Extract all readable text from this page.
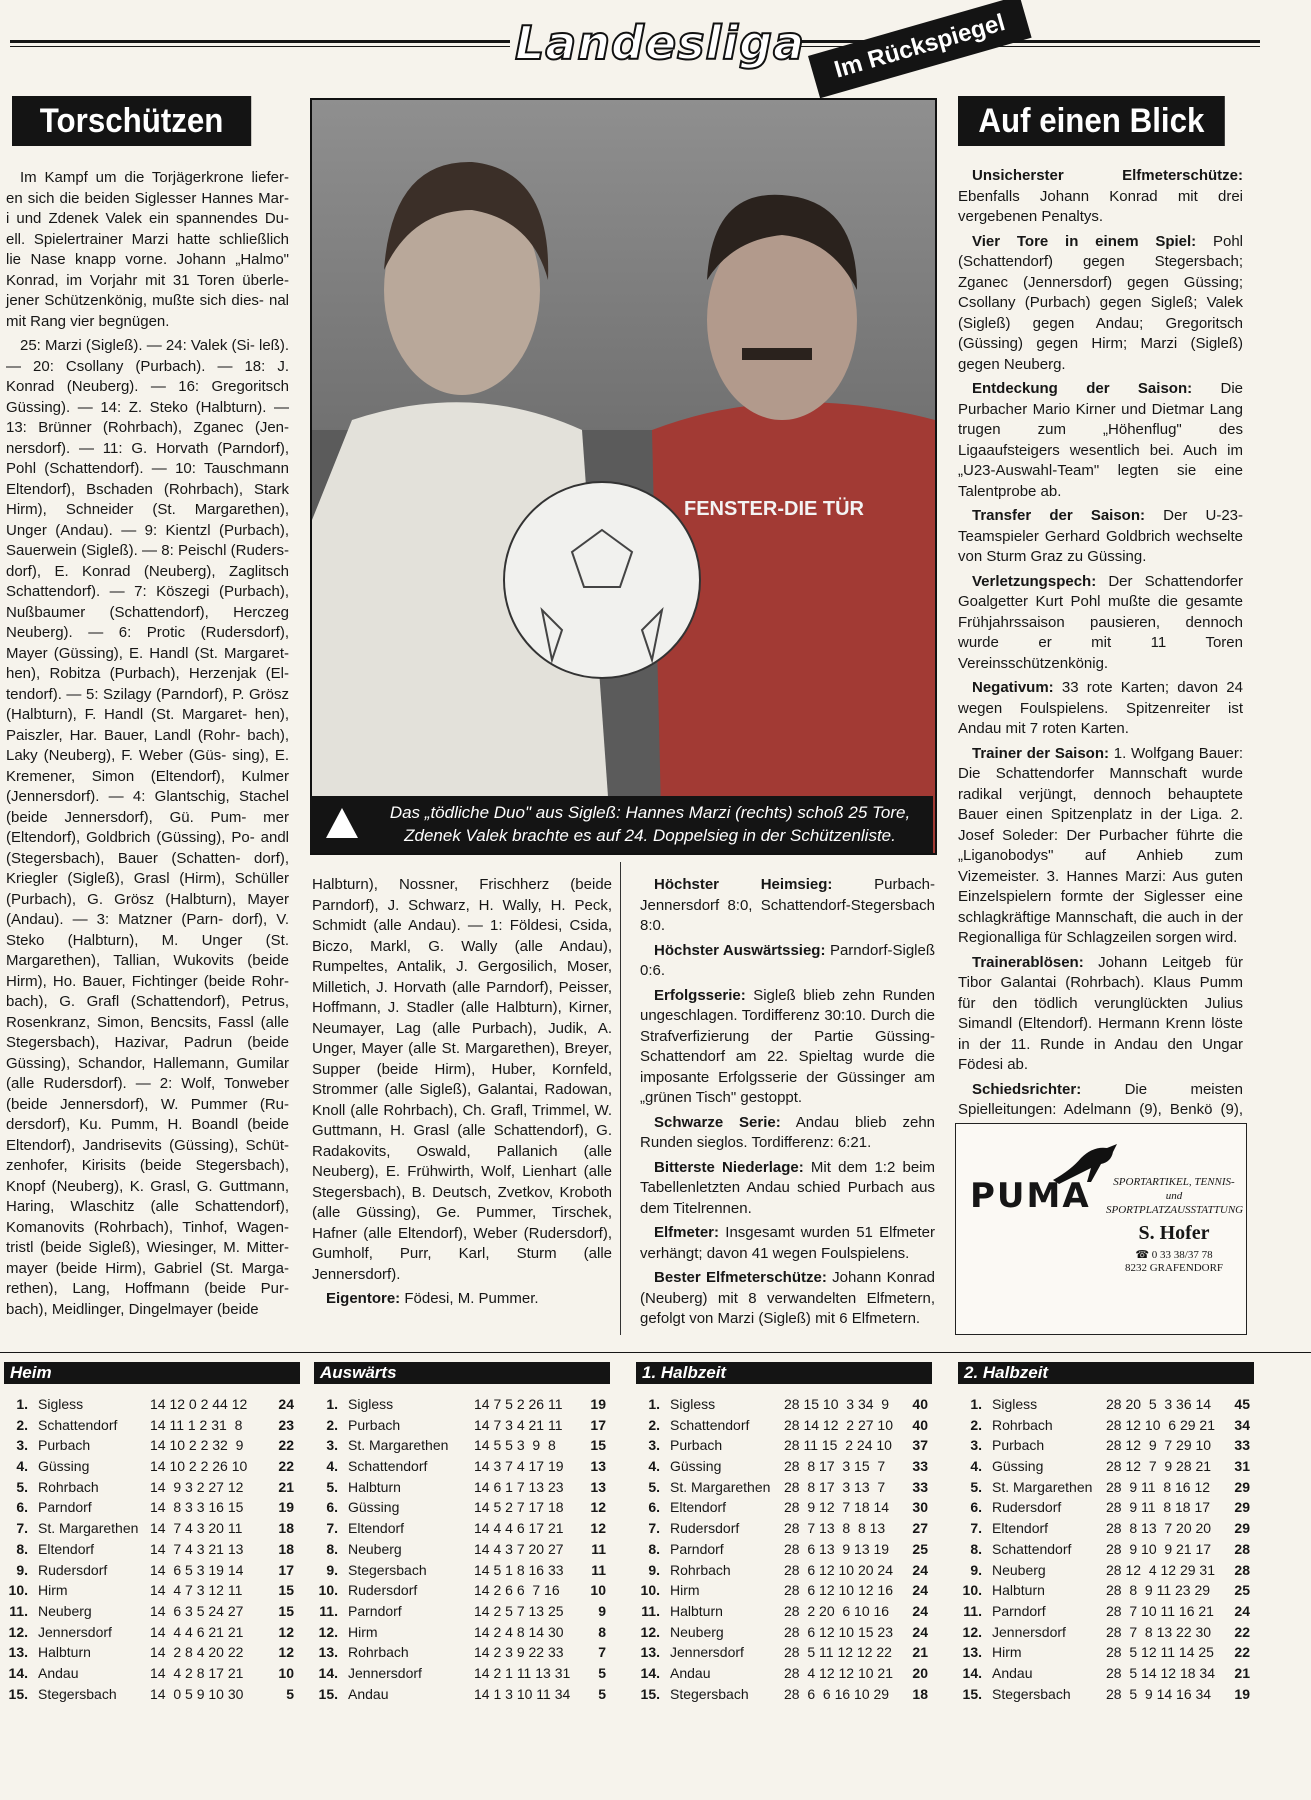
Landesliga	Im Rückspiegel
Torschützen

Im Kampf um die Torjägerkrone liefer- en sich die beiden Siglesser Hannes Mar- i und Zdenek Valek ein spannendes Du- ell. Spielertrainer Marzi hatte schließlich lie Nase knapp vorne. Johann „Halmo" Konrad, im Vorjahr mit 31 Toren überle- jener Schützenkönig, mußte sich dies- nal mit Rang vier begnügen.

25: Marzi (Sigleß). — 24: Valek (Si- leß). — 20: Csollany (Purbach). — 18: J. Konrad (Neuberg). — 16: Gregoritsch Güssing). — 14: Z. Steko (Halbturn). — 13: Brünner (Rohrbach), Zganec (Jen- nersdorf). — 11: G. Horvath (Parndorf), Pohl (Schattendorf). — 10: Tauschmann Eltendorf), Bschaden (Rohrbach), Stark Hirm), Schneider (St. Margarethen), Unger (Andau). — 9: Kientzl (Purbach), Sauerwein (Sigleß). — 8: Peischl (Ruders- dorf), E. Konrad (Neuberg), Zaglitsch Schattendorf). — 7: Köszegi (Purbach), Nußbaumer (Schattendorf), Herczeg Neuberg). — 6: Protic (Rudersdorf), Mayer (Güssing), E. Handl (St. Margaret- hen), Robitza (Purbach), Herzenjak (El- tendorf). — 5: Szilagy (Parndorf), P. Grösz (Halbturn), F. Handl (St. Margaret- hen), Paiszler, Har. Bauer, Landl (Rohr- bach), Laky (Neuberg), F. Weber (Güs- sing), E. Kremener, Simon (Eltendorf), Kulmer (Jennersdorf). — 4: Glantschig, Stachel (beide Jennersdorf), Gü. Pum- mer (Eltendorf), Goldbrich (Güssing), Po- andl (Stegersbach), Bauer (Schatten- dorf), Kriegler (Sigleß), Grasl (Hirm), Schüller (Purbach), G. Grösz (Halbturn), Mayer (Andau). — 3: Matzner (Parn- dorf), V. Steko (Halbturn), M. Unger (St. Margarethen), Tallian, Wukovits (beide Hirm), Ho. Bauer, Fichtinger (beide Rohr- bach), G. Grafl (Schattendorf), Petrus, Rosenkranz, Simon, Bencsits, Fassl (alle Stegersbach), Hazivar, Padrun (beide Güssing), Schandor, Hallemann, Gumilar (alle Rudersdorf). — 2: Wolf, Tonweber (beide Jennersdorf), W. Pummer (Ru- dersdorf), Ku. Pumm, H. Boandl (beide Eltendorf), Jandrisevits (Güssing), Schüt- zenhofer, Kirisits (beide Stegersbach), Knopf (Neuberg), K. Grasl, G. Guttmann, Haring, Wlaschitz (alle Schattendorf), Komanovits (Rohrbach), Tinhof, Wagen- tristl (beide Sigleß), Wiesinger, M. Mitter- mayer (beide Hirm), Gabriel (St. Marga- rethen), Lang, Hoffmann (beide Pur- bach), Meidlinger, Dingelmayer (beide

FENSTER-DIE TÜR
Das „tödliche Duo" aus Sigleß: Hannes Marzi (rechts) schoß 25 Tore, Zdenek Valek brachte es auf 24. Doppelsieg in der Schützenliste.

Halbturn), Nossner, Frischherz (beide Parndorf), J. Schwarz, H. Wally, H. Peck, Schmidt (alle Andau). — 1: Földesi, Csida, Biczo, Markl, G. Wally (alle Andau), Rumpeltes, Antalik, J. Gergosilich, Moser, Milletich, J. Horvath (alle Parndorf), Peisser, Hoffmann, J. Stadler (alle Halbturn), Kirner, Neumayer, Lag (alle Purbach), Judik, A. Unger, Mayer (alle St. Margarethen), Breyer, Supper (beide Hirm), Huber, Kornfeld, Strommer (alle Sigleß), Galantai, Radowan, Knoll (alle Rohrbach), Ch. Grafl, Trimmel, W. Guttmann, H. Grasl (alle Schattendorf), G. Radakovits, Oswald, Pallanich (alle Neuberg), E. Frühwirth, Wolf, Lienhart (alle Stegersbach), B. Deutsch, Zvetkov, Kroboth (alle Güssing), Ge. Pummer, Tirschek, Hafner (alle Eltendorf), Weber (Rudersdorf), Gumholf, Purr, Karl, Sturm (alle Jennersdorf).

Eigentore: Födesi, M. Pummer.

Höchster Heimsieg:	Purbach-Jennersdorf 8:0, Schattendorf-Stegersbach 8:0.

Höchster Auswärtssieg: Parndorf-Sigleß 0:6.

Erfolgsserie: Sigleß blieb zehn Runden ungeschlagen. Tordifferenz 30:10. Durch die Strafverfizierung der Partie Güssing-Schattendorf am 22. Spieltag wurde die imposante Erfolgsserie der Güssinger am „grünen Tisch" gestoppt.

Schwarze Serie: Andau blieb zehn Runden sieglos. Tordifferenz: 6:21.

Bitterste Niederlage: Mit dem 1:2 beim Tabellenletzten Andau schied Purbach aus dem Titelrennen.

Elfmeter: Insgesamt wurden 51 Elfmeter verhängt; davon 41 wegen Foulspielens.

Bester Elfmeterschütze: Johann Konrad (Neuberg) mit 8 verwandelten Elfmetern, gefolgt von Marzi (Sigleß) mit 6 Elfmetern.

Auf einen Blick

Unsicherster Elfmeterschütze: Ebenfalls Johann Konrad mit drei vergebenen Penaltys.

Vier Tore in einem Spiel: Pohl (Schattendorf) gegen Stegersbach; Zganec (Jennersdorf) gegen Güssing; Csollany (Purbach) gegen Sigleß; Valek (Sigleß) gegen Andau; Gregoritsch (Güssing) gegen Hirm; Marzi (Sigleß) gegen Neuberg.

Entdeckung der Saison: Die Purbacher Mario Kirner und Dietmar Lang trugen zum „Höhenflug" des Ligaaufsteigers wesentlich bei. Auch im „U23-Auswahl-Team" legten sie eine Talentprobe ab.

Transfer der Saison: Der U-23-Teamspieler Gerhard Goldbrich wechselte von Sturm Graz zu Güssing.

Verletzungspech: Der Schattendorfer Goalgetter Kurt Pohl mußte die gesamte Frühjahrssaison pausieren, dennoch wurde er mit 11 Toren Vereinsschützenkönig.

Negativum: 33 rote Karten; davon 24 wegen Foulspielens. Spitzenreiter ist Andau mit 7 roten Karten.

Trainer der Saison: 1. Wolfgang Bauer: Die Schattendorfer Mannschaft wurde radikal verjüngt, dennoch behauptete Bauer einen Spitzenplatz in der Liga. 2. Josef Soleder: Der Purbacher führte die „Liganobodys" auf Anhieb zum Vizemeister. 3. Hannes Marzi: Aus guten Einzelspielern formte der Siglesser eine schlagkräftige Mannschaft, die auch in der Regionalliga für Schlagzeilen sorgen wird.

Trainerablösen: Johann Leitgeb für Tibor Galantai (Rohrbach). Klaus Pumm für den tödlich verunglückten Julius Simandl (Eltendorf). Hermann Krenn löste in der 11. Runde in Andau den Ungar Födesi ab.

Schiedsrichter:	Die meisten Spielleitungen: Adelmann (9), Benkö (9),

PUMA	SPORTARTIKEL, TENNIS-
und
SPORTPLATZAUSSTATTUNG
S. Hofer
☎ 0 33 38/37 78
8232 GRAFENDORF
Heim
1. Sigless	14 12 0 2 44 12	24
2. Schattendorf 14 11 1 2 31  8	23
3. Purbach	14 10 2 2 32  9	22
4. Güssing	14 10 2 2 26 10	22
5. Rohrbach	14  9 3 2 27 12	21
6. Parndorf	14  8 3 3 16 15	19
7. St. Margarethen 14  7 4 3 20 11	18
8. Eltendorf	14  7 4 3 21 13	18
9. Rudersdorf	14  6 5 3 19 14	17
10. Hirm	14  4 7 3 12 11	15
11. Neuberg	14  6 3 5 24 27	15
12. Jennersdorf	14  4 4 6 21 21	12
13. Halbturn	14  2 8 4 20 22	12
14. Andau	14  4 2 8 17 21	10
15. Stegersbach 14  0 5 9 10 30	5
Auswärts
1. Sigless	14 7 5 2 26 11	19
2. Purbach	14 7 3 4 21 11	17
3. St. Margarethen 14 5 5 3  9  8	15
4. Schattendorf	14 3 7 4 17 19	13
5. Halbturn	14 6 1 7 13 23	13
6. Güssing	14 5 2 7 17 18	12
7. Eltendorf	14 4 4 6 17 21	12
8. Neuberg	14 4 3 7 20 27	11
9. Stegersbach	14 5 1 8 16 33	11
10. Rudersdorf	14 2 6 6  7 16	10
11. Parndorf	14 2 5 7 13 25	9
12. Hirm	14 2 4 8 14 30	8
13. Rohrbach	14 2 3 9 22 33	7
14. Jennersdorf	14 2 1 11 13 31	5
15. Andau	14 1 3 10 11 34	5
1. Halbzeit
1. Sigless	28 15 10  3 34  9	40
2. Schattendorf 28 14 12  2 27 10	40
3. Purbach	28 11 15  2 24 10	37
4. Güssing	28  8 17  3 15  7	33
5. St. Margarethen 28  8 17  3 13  7	33
6. Eltendorf	28  9 12  7 18 14	30
7. Rudersdorf	28  7 13  8  8 13	27
8. Parndorf	28  6 13  9 13 19	25
9. Rohrbach	28  6 12 10 20 24	24
10. Hirm	28  6 12 10 12 16	24
11. Halbturn	28  2 20  6 10 16	24
12. Neuberg	28  6 12 10 15 23	24
13. Jennersdorf	28  5 11 12 12 22	21
14. Andau	28  4 12 12 10 21	20
15. Stegersbach	28  6  6 16 10 29	18
2. Halbzeit
1. Sigless	28 20  5  3 36 14	45
2. Rohrbach	28 12 10  6 29 21	34
3. Purbach	28 12  9  7 29 10	33
4. Güssing	28 12  7  9 28 21	31
5. St. Margarethen 28  9 11  8 16 12	29
6. Rudersdorf	28  9 11  8 18 17	29
7. Eltendorf	28  8 13  7 20 20	29
8. Schattendorf 28  9 10  9 21 17	28
9. Neuberg	28 12  4 12 29 31	28
10. Halbturn	28  8  9 11 23 29	25
11. Parndorf	28  7 10 11 16 21	24
12. Jennersdorf	28  7  8 13 22 30	22
13. Hirm	28  5 12 11 14 25	22
14. Andau	28  5 14 12 18 34	21
15. Stegersbach	28  5  9 14 16 34	19
